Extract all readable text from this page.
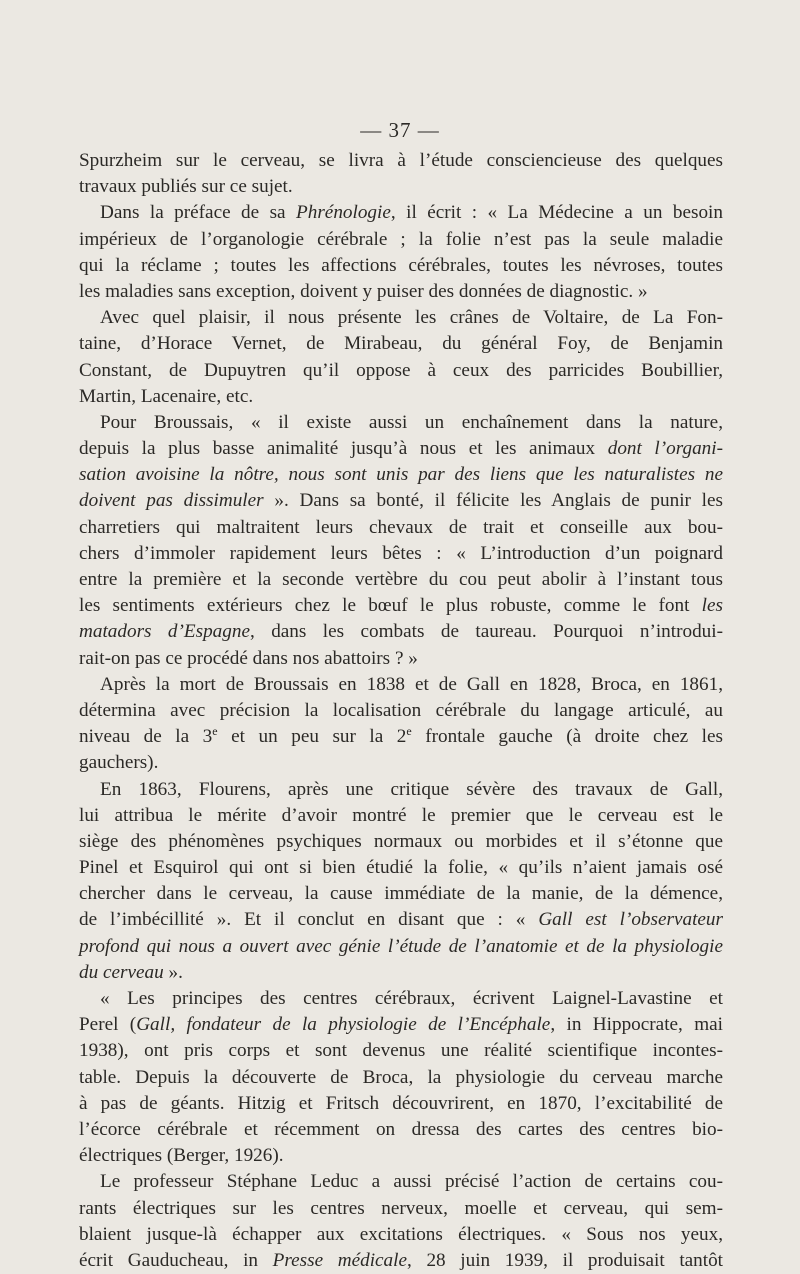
— 37 —
Spurzheim sur le cerveau, se livra à l’étude consciencieuse des quelques
travaux publiés sur ce sujet.
Dans la préface de sa Phrénologie, il écrit : « La Médecine a un besoin
impérieux de l’organologie cérébrale ; la folie n’est pas la seule maladie
qui la réclame ; toutes les affections cérébrales, toutes les névroses, toutes
les maladies sans exception, doivent y puiser des données de diagnostic. »
Avec quel plaisir, il nous présente les crânes de Voltaire, de La Fon-
taine, d’Horace Vernet, de Mirabeau, du général Foy, de Benjamin
Constant, de Dupuytren qu’il oppose à ceux des parricides Boubillier,
Martin, Lacenaire, etc.
Pour Broussais, « il existe aussi un enchaînement dans la nature,
depuis la plus basse animalité jusqu’à nous et les animaux dont l’organi-
sation avoisine la nôtre, nous sont unis par des liens que les naturalistes ne
doivent pas dissimuler ». Dans sa bonté, il félicite les Anglais de punir les
charretiers qui maltraitent leurs chevaux de trait et conseille aux bou-
chers d’immoler rapidement leurs bêtes : « L’introduction d’un poignard
entre la première et la seconde vertèbre du cou peut abolir à l’instant tous
les sentiments extérieurs chez le bœuf le plus robuste, comme le font les
matadors d’Espagne, dans les combats de taureau. Pourquoi n’introdui-
rait-on pas ce procédé dans nos abattoirs ? »
Après la mort de Broussais en 1838 et de Gall en 1828, Broca, en 1861,
détermina avec précision la localisation cérébrale du langage articulé, au
niveau de la 3e et un peu sur la 2e frontale gauche (à droite chez les
gauchers).
En 1863, Flourens, après une critique sévère des travaux de Gall,
lui attribua le mérite d’avoir montré le premier que le cerveau est le
siège des phénomènes psychiques normaux ou morbides et il s’étonne que
Pinel et Esquirol qui ont si bien étudié la folie, « qu’ils n’aient jamais osé
chercher dans le cerveau, la cause immédiate de la manie, de la démence,
de l’imbécillité ». Et il conclut en disant que : « Gall est l’observateur
profond qui nous a ouvert avec génie l’étude de l’anatomie et de la physiologie
du cerveau ».
« Les principes des centres cérébraux, écrivent Laignel-Lavastine et
Perel (Gall, fondateur de la physiologie de l’Encéphale, in Hippocrate, mai
1938), ont pris corps et sont devenus une réalité scientifique incontes-
table. Depuis la découverte de Broca, la physiologie du cerveau marche
à pas de géants. Hitzig et Fritsch découvrirent, en 1870, l’excitabilité de
l’écorce cérébrale et récemment on dressa des cartes des centres bio-
électriques (Berger, 1926).
Le professeur Stéphane Leduc a aussi précisé l’action de certains cou-
rants électriques sur les centres nerveux, moelle et cerveau, qui sem-
blaient jusque-là échapper aux excitations électriques. « Sous nos yeux,
écrit Gauducheau, in Presse médicale, 28 juin 1939, il produisait tantôt
